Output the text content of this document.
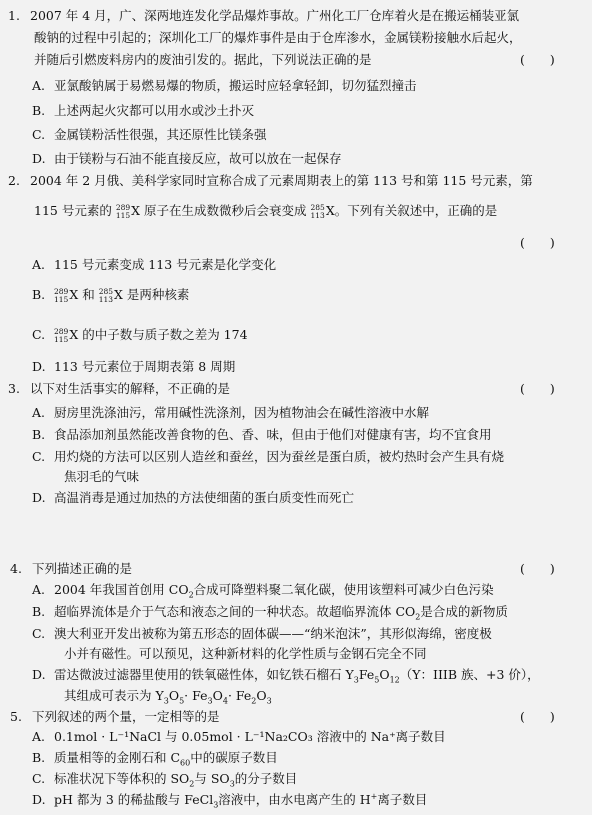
1. 2007 年 4 月，广、深两地连发化学品爆炸事故。广州化工厂仓库着火是在搬运桶装亚氯
酸钠的过程中引起的；深圳化工厂的爆炸事件是由于仓库渗水，金属镁粉接触水后起火，
并随后引燃废料房内的废油引发的。据此，下列说法正确的是	(　　)
A. 亚氯酸钠属于易燃易爆的物质，搬运时应轻拿轻卸，切勿猛烈撞击
B. 上述两起火灾都可以用水或沙土扑灭
C. 金属镁粉活性很强，其还原性比镁条强
D. 由于镁粉与石油不能直接反应，故可以放在一起保存
2. 2004 年 2 月俄、美科学家同时宣称合成了元素周期表上的第 113 号和第 115 号元素，第
115 号元素的 289
115 X 原子在生成数微秒后会衰变成 285
113 X。下列有关叙述中，正确的是
(　　)
A. 115 号元素变成 113 号元素是化学变化
B. 289
115 X 和 285
113 X 是两种核素
C. 289
115 X 的中子数与质子数之差为 174
D. 113 号元素位于周期表第 8 周期
3. 以下对生活事实的解释，不正确的是	(　　)
A. 厨房里洗涤油污，常用碱性洗涤剂，因为植物油会在碱性溶液中水解
B. 食品添加剂虽然能改善食物的色、香、味，但由于他们对健康有害，均不宜食用
C. 用灼烧的方法可以区别人造丝和蚕丝，因为蚕丝是蛋白质，被灼热时会产生具有烧
焦羽毛的气味
D. 高温消毒是通过加热的方法使细菌的蛋白质变性而死亡
4. 下列描述正确的是	(　　)
A. 2004 年我国首创用 $CO_2$合成可降塑料聚二氧化碳，使用该塑料可减少白色污染
B. 超临界流体是介于气态和液态之间的一种状态。故超临界流体 $CO_2$是合成的新物质
C. 澳大利亚开发出被称为第五形态的固体碳——“纳米泡沫”，其形似海绵，密度极
小并有磁性。可以预见，这种新材料的化学性质与金钢石完全不同
D. 雷达微波过滤器里使用的铁氧磁性体，如钇铁石榴石 $Y_3Fe_5O_{12}(Y$：IIIB 族、+3 价），
其组成可表示为 $Y_3O_5\cdot Fe_3O_4\cdot Fe_2O_3$
5. 下列叙述的两个量，一定相等的是	(　　)
A. 0.1mol · L⁻¹NaCl 与 0.05mol · L⁻¹Na₂CO₃ 溶液中的 Na⁺离子数目
B. 质量相等的金刚石和 $C_{60}$中的碳原子数目
C. 标准状况下等体积的 $SO_2$与 $SO_3$的分子数目
D. pH 都为 3 的稀盐酸与 FeCl$_3$溶液中，由水电离产生的 H+离子数目
